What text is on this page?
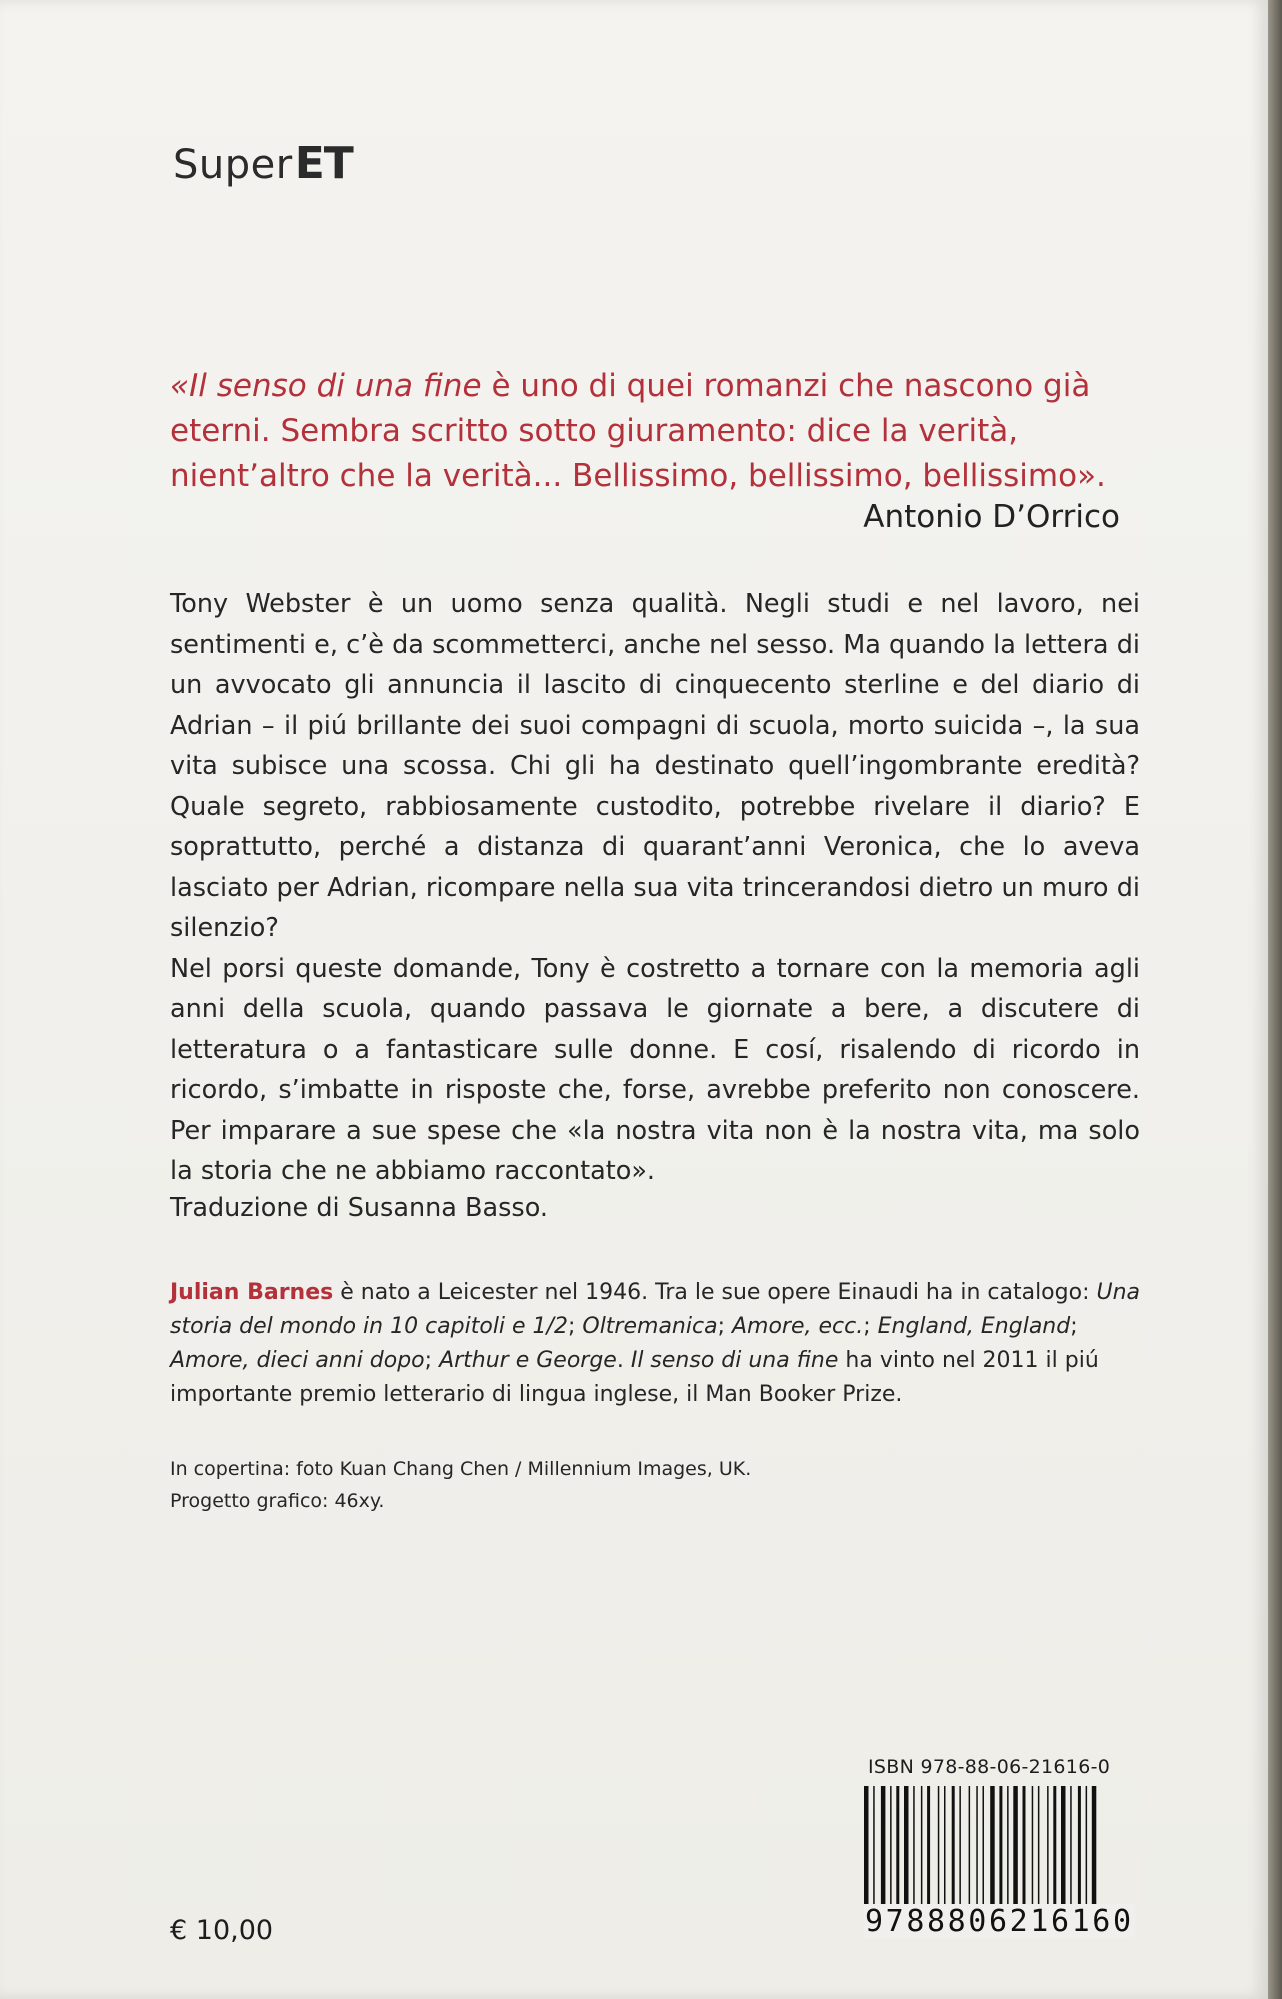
SuperET
«Il senso di una fine è uno di quei romanzi che nascono già eterni. Sembra scritto sotto giuramento: dice la verità, nient’altro che la verità... Bellissimo, bellissimo, bellissimo».
Antonio D’Orrico

Tony Webster è un uomo senza qualità. Negli studi e nel lavoro, nei sentimenti e, c’è da scommetterci, anche nel sesso. Ma quando la lettera di un avvocato gli annuncia il lascito di cinquecento sterline e del diario di Adrian – il piú brillante dei suoi compagni di scuola, morto suicida –, la sua vita subisce una scossa. Chi gli ha destinato quell’ingombrante eredità? Quale segreto, rabbiosamente custodito, potrebbe rivelare il diario? E soprattutto, perché a distanza di quarant’anni Veronica, che lo aveva lasciato per Adrian, ricompare nella sua vita trincerandosi dietro un muro di silenzio?

Nel porsi queste domande, Tony è costretto a tornare con la memoria agli anni della scuola, quando passava le giornate a bere, a discutere di letteratura o a fantasticare sulle donne. E cosí, risalendo di ricordo in ricordo, s’imbatte in risposte che, forse, avrebbe preferito non conoscere. Per imparare a sue spese che «la nostra vita non è la nostra vita, ma solo la storia che ne abbiamo raccontato».

Traduzione di Susanna Basso.
Julian Barnes è nato a Leicester nel 1946. Tra le sue opere Einaudi ha in catalogo: Una storia del mondo in 10 capitoli e 1/2; Oltremanica; Amore, ecc.; England, England; Amore, dieci anni dopo; Arthur e George. Il senso di una fine ha vinto nel 2011 il piú importante premio letterario di lingua inglese, il Man Booker Prize.
In copertina: foto Kuan Chang Chen / Millennium Images, UK.
Progetto grafico: 46xy.
ISBN 978-88-06-21616-0
9788806216160
€ 10,00
